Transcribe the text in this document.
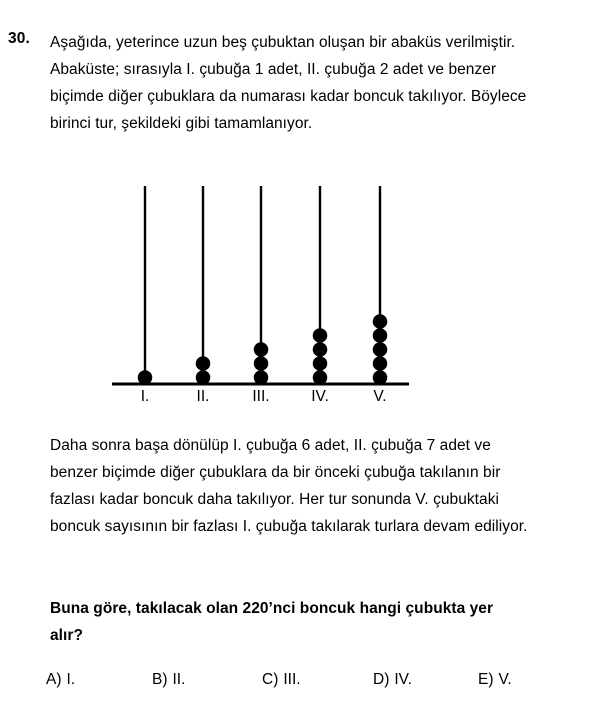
30. Aşağıda, yeterince uzun beş çubuktan oluşan bir abaküs verilmiştir. Abaküste; sırasıyla I. çubuğa 1 adet, II. çubuğa 2 adet ve benzer biçimde diğer çubuklara da numarası kadar boncuk takılıyor. Böylece birinci tur, şekildeki gibi tamamlanıyor.
I.	II.	III.	IV.	V.
Daha sonra başa dönülüp I. çubuğa 6 adet, II. çubuğa 7 adet ve benzer biçimde diğer çubuklara da bir önceki çubuğa takılanın bir fazlası kadar boncuk daha takılıyor. Her tur sonunda V. çubuktaki boncuk sayısının bir fazlası I. çubuğa takılarak turlara devam ediliyor.
Buna göre, takılacak olan 220’nci boncuk hangi çubukta yer alır?
A) I.	B) II.	C) III.	D) IV.	E) V.
